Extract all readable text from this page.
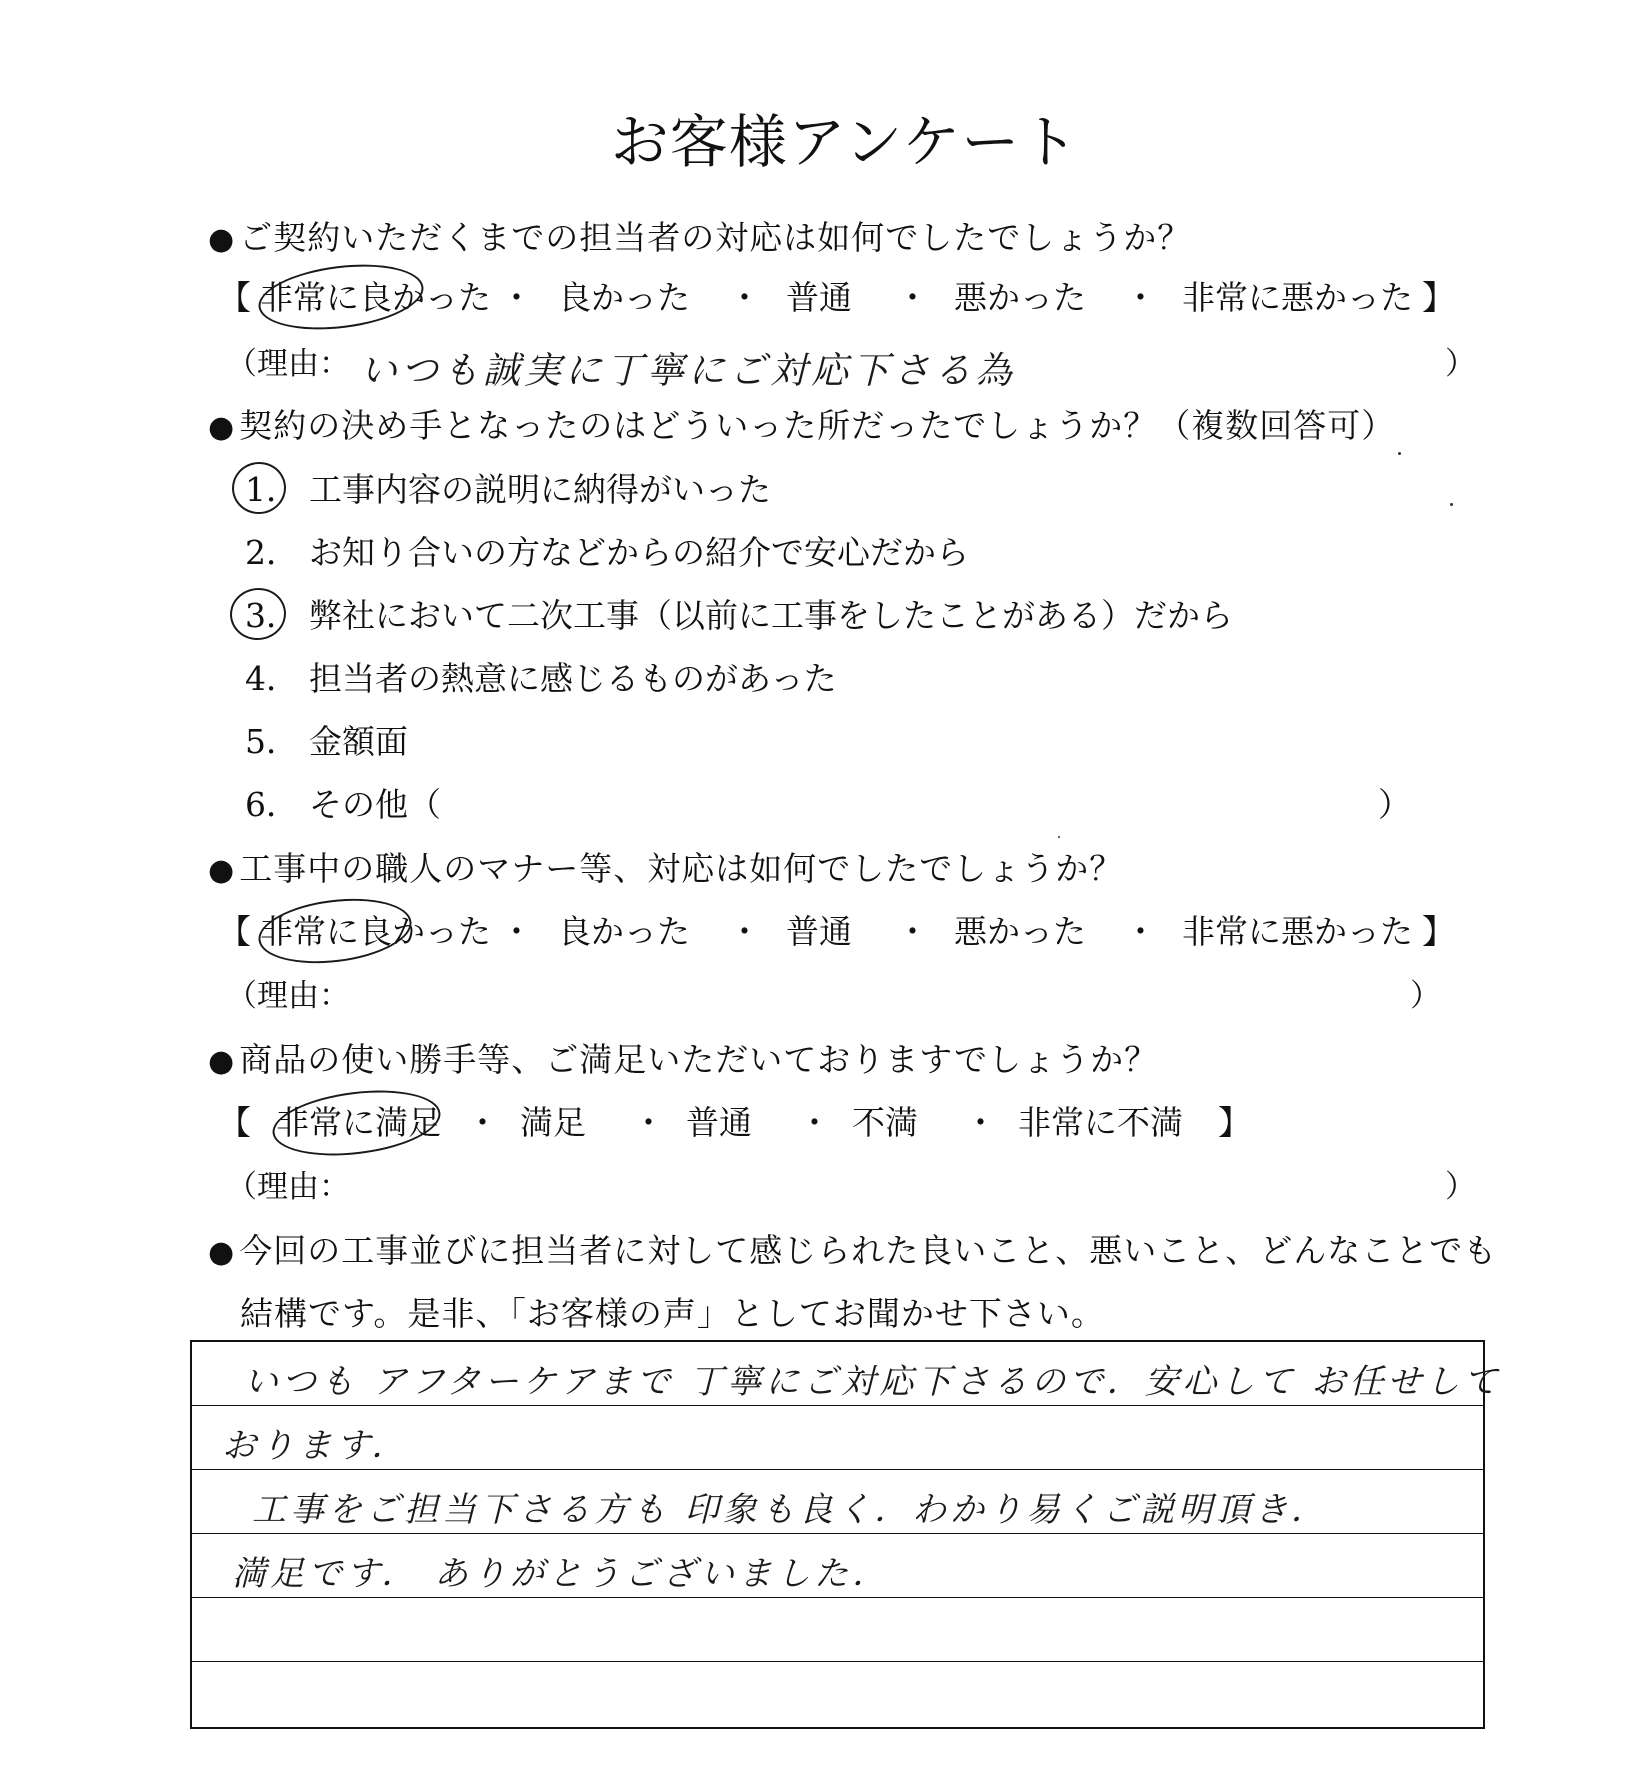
お客様アンケート
● ご契約いただくまでの担当者の対応は如何でしたでしょうか？
【 非常に良かった ・ 良かった	・ 普通	・ 悪かった	・ 非常に悪かった 】
（理由： いつも誠実に丁寧にご対応下さる為	）
● 契約の決め手となったのはどういった所だったでしょうか？（複数回答可）
1． 工事内容の説明に納得がいった
2． お知り合いの方などからの紹介で安心だから
3． 弊社において二次工事（以前に工事をしたことがある）だから
4． 担当者の熱意に感じるものがあった
5． 金額面
6． その他（	）
● 工事中の職人のマナー等、対応は如何でしたでしょうか？
【 非常に良かった ・ 良かった	・ 普通	・ 悪かった	・ 非常に悪かった 】
（理由：	）
● 商品の使い勝手等、ご満足いただいておりますでしょうか？
【 非常に満足 ・ 満足	・ 普通	・ 不満	・ 非常に不満	】
（理由：	）
● 今回の工事並びに担当者に対して感じられた良いこと、悪いこと、どんなことでも
結構です。是非、「お客様の声」としてお聞かせ下さい。
いつも アフターケアまで 丁寧にご対応下さるので．安心して お任せして
おります．
工事をご担当下さる方も 印象も良く．わかり易くご説明頂き．
満足です． ありがとうございました．
